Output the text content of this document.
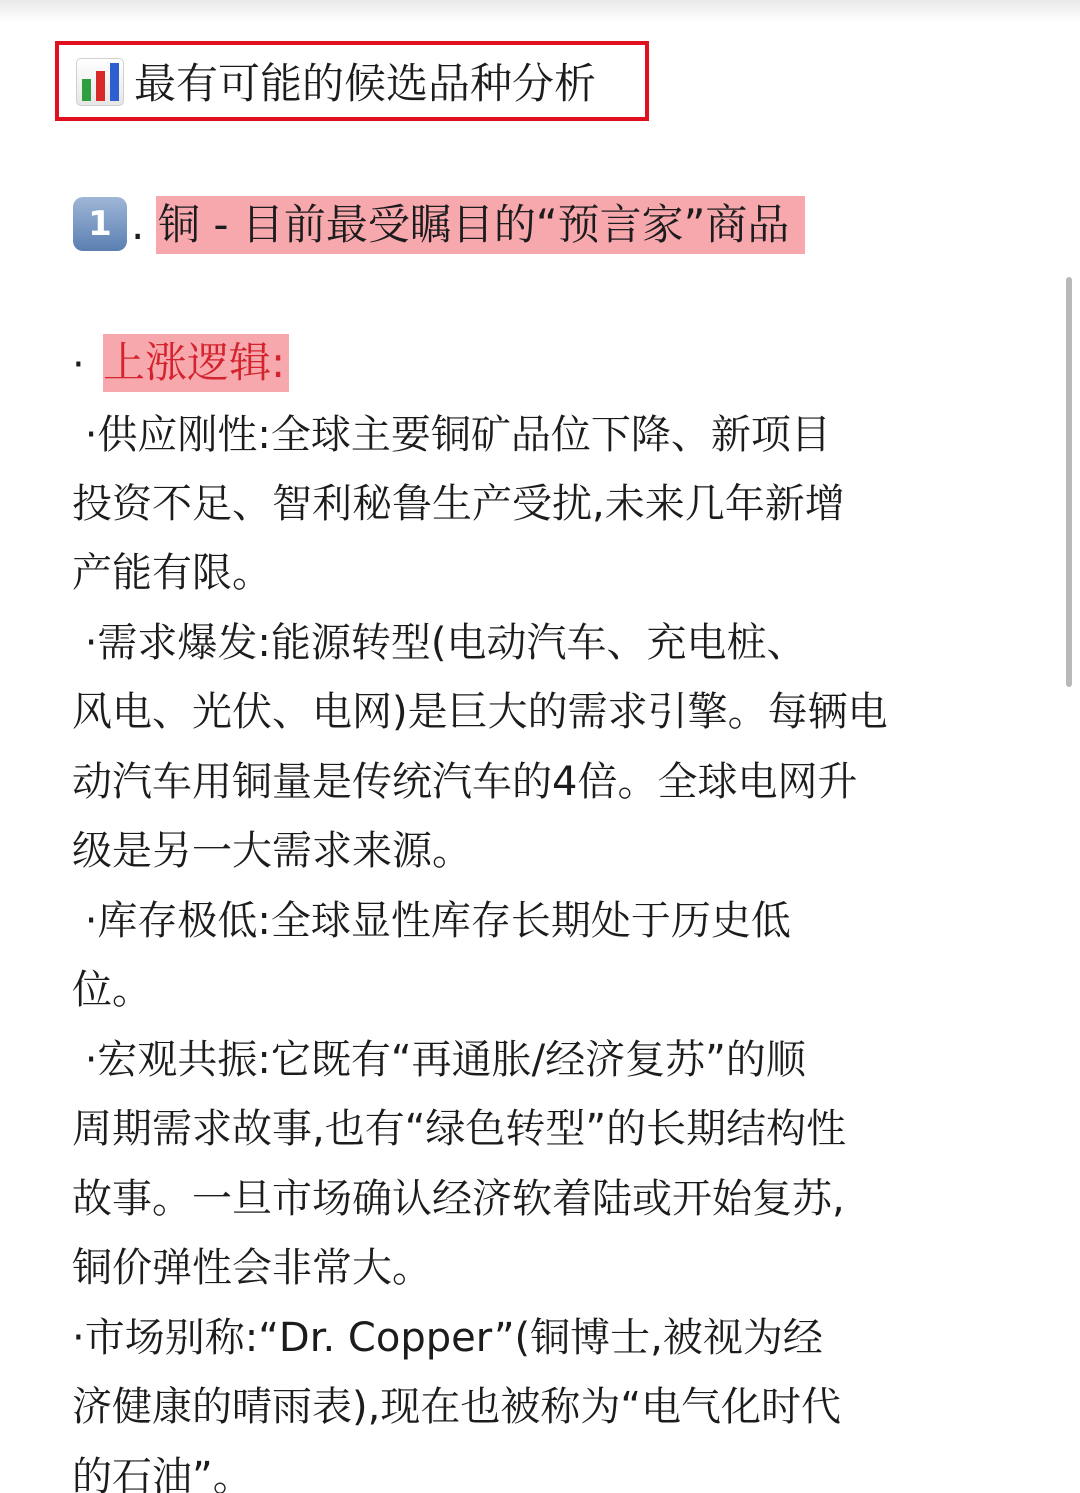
最有可能的候选品种分析
1 . 铜 - 目前最受瞩目的“预言家”商品
· 上涨逻辑:
·供应刚性:全球主要铜矿品位下降、新项目
投资不足、智利秘鲁生产受扰,未来几年新增
产能有限。
·需求爆发:能源转型(电动汽车、充电桩、
风电、光伏、电网)是巨大的需求引擎。每辆电
动汽车用铜量是传统汽车的4倍。全球电网升
级是另一大需求来源。
·库存极低:全球显性库存长期处于历史低
位。
·宏观共振:它既有“再通胀/经济复苏”的顺
周期需求故事,也有“绿色转型”的长期结构性
故事。一旦市场确认经济软着陆或开始复苏,
铜价弹性会非常大。
·市场别称:“Dr. Copper”(铜博士,被视为经
济健康的晴雨表),现在也被称为“电气化时代
的石油”。
